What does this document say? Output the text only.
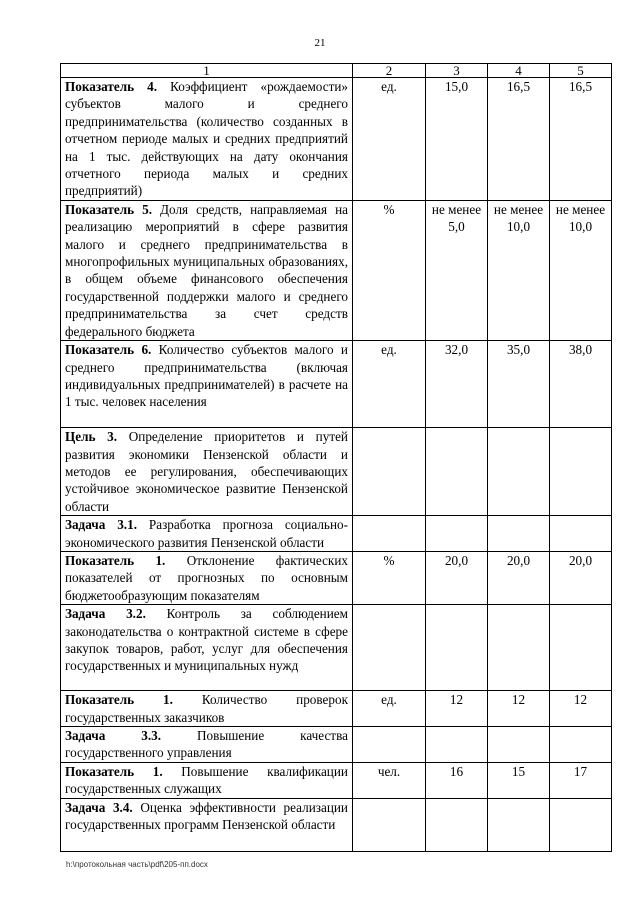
21
1	2	3	4	5
Показатель 4. Коэффициент «рождаемости» субъектов малого и среднего предпринимательства (количество созданных в отчетном периоде малых и средних предприятий на 1 тыс. действующих на дату окончания отчетного периода малых и средних предприятий)	ед.	15,0	16,5	16,5
Показатель 5. Доля средств, направляемая на реализацию мероприятий в сфере развития малого и среднего предпринимательства в многопрофильных муниципальных образованиях, в общем объеме финансового обеспечения государственной поддержки малого и среднего предпринимательства за счет средств федерального бюджета	%	не менее 5,0	не менее 10,0	не менее 10,0
Показатель 6. Количество субъектов малого и среднего предпринимательства (включая индивидуальных предпринимателей) в расчете на 1 тыс. человек населения	ед.	32,0	35,0	38,0
Цель 3. Определение приоритетов и путей развития экономики Пензенской области и методов ее регулирования, обеспечивающих устойчивое экономическое развитие Пензенской области				
Задача 3.1. Разработка прогноза социально-экономического развития Пензенской области				
Показатель 1. Отклонение фактических показателей от прогнозных по основным бюджетообразующим показателям	%	20,0	20,0	20,0
Задача 3.2. Контроль за соблюдением законодательства о контрактной системе в сфере закупок товаров, работ, услуг для обеспечения государственных и муниципальных нужд				
Показатель 1. Количество проверок государственных заказчиков	ед.	12	12	12
Задача 3.3. Повышение качества государственного управления				
Показатель 1. Повышение квалификации государственных служащих	чел.	16	15	17
Задача 3.4. Оценка эффективности реализации государственных программ Пензенской области				
h:\протокольная часть\pdf\205-пп.docx
